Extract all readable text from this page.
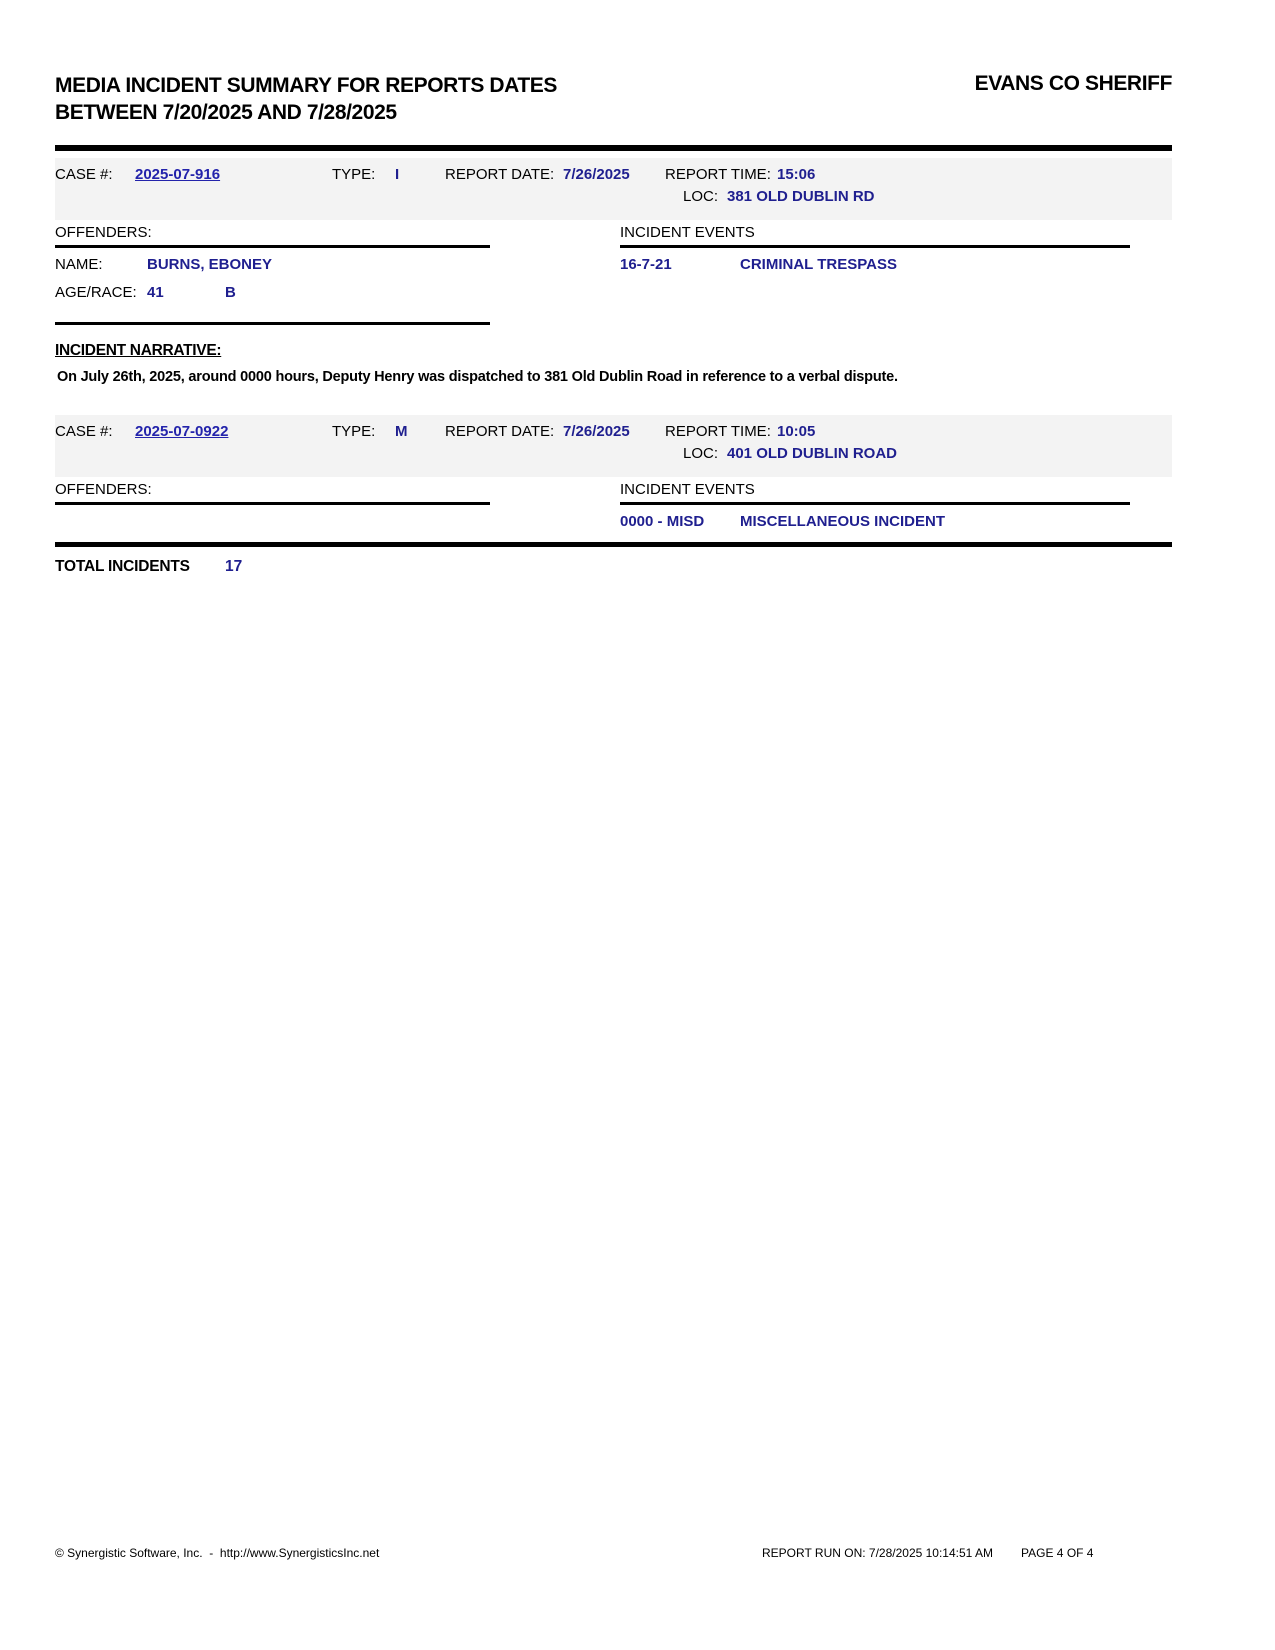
MEDIA INCIDENT SUMMARY FOR REPORTS DATES
BETWEEN 7/20/2025 AND 7/28/2025
EVANS CO SHERIFF
CASE #: 2025-07-916	TYPE: I	REPORT DATE: 7/26/2025 REPORT TIME: 15:06
LOC: 381 OLD DUBLIN RD
OFFENDERS:
NAME:	BURNS, EBONEY
AGE/RACE: 41	B
INCIDENT EVENTS
16-7-21	CRIMINAL TRESPASS
INCIDENT NARRATIVE:
On July 26th, 2025, around 0000 hours, Deputy Henry was dispatched to 381 Old Dublin Road in reference to a verbal dispute.
CASE #: 2025-07-0922	TYPE: M	REPORT DATE: 7/26/2025 REPORT TIME: 10:05
LOC: 401 OLD DUBLIN ROAD
OFFENDERS:	INCIDENT EVENTS
0000 - MISD MISCELLANEOUS INCIDENT
TOTAL INCIDENTS 17
© Synergistic Software, Inc.  -  http://www.SynergisticsInc.net	REPORT RUN ON: 7/28/2025 10:14:51 AM PAGE 4 OF 4
